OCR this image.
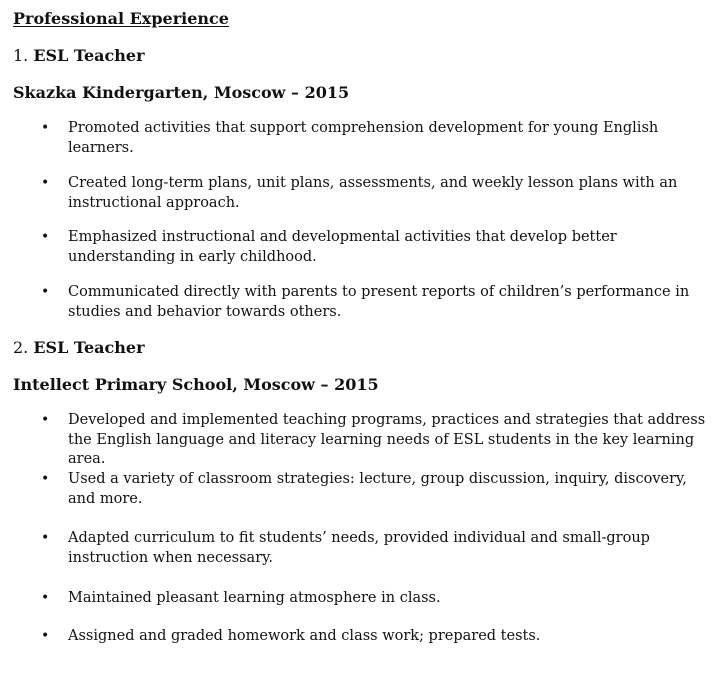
Professional Experience
1. ESL Teacher
Skazka Kindergarten, Moscow – 2015
• Promoted activities that support comprehension development for young English learners.
• Created long-term plans, unit plans, assessments, and weekly lesson plans with an instructional approach.
• Emphasized instructional and developmental activities that develop better understanding in early childhood.
• Communicated directly with parents to present reports of children’s performance in studies and behavior towards others.
2. ESL Teacher
Intellect Primary School, Moscow – 2015
• Developed and implemented teaching programs, practices and strategies that address the English language and literacy learning needs of ESL students in the key learning area.
• Used a variety of classroom strategies: lecture, group discussion, inquiry, discovery, and more.
• Adapted curriculum to fit students’ needs, provided individual and small-group instruction when necessary.
• Maintained pleasant learning atmosphere in class.
• Assigned and graded homework and class work; prepared tests.
